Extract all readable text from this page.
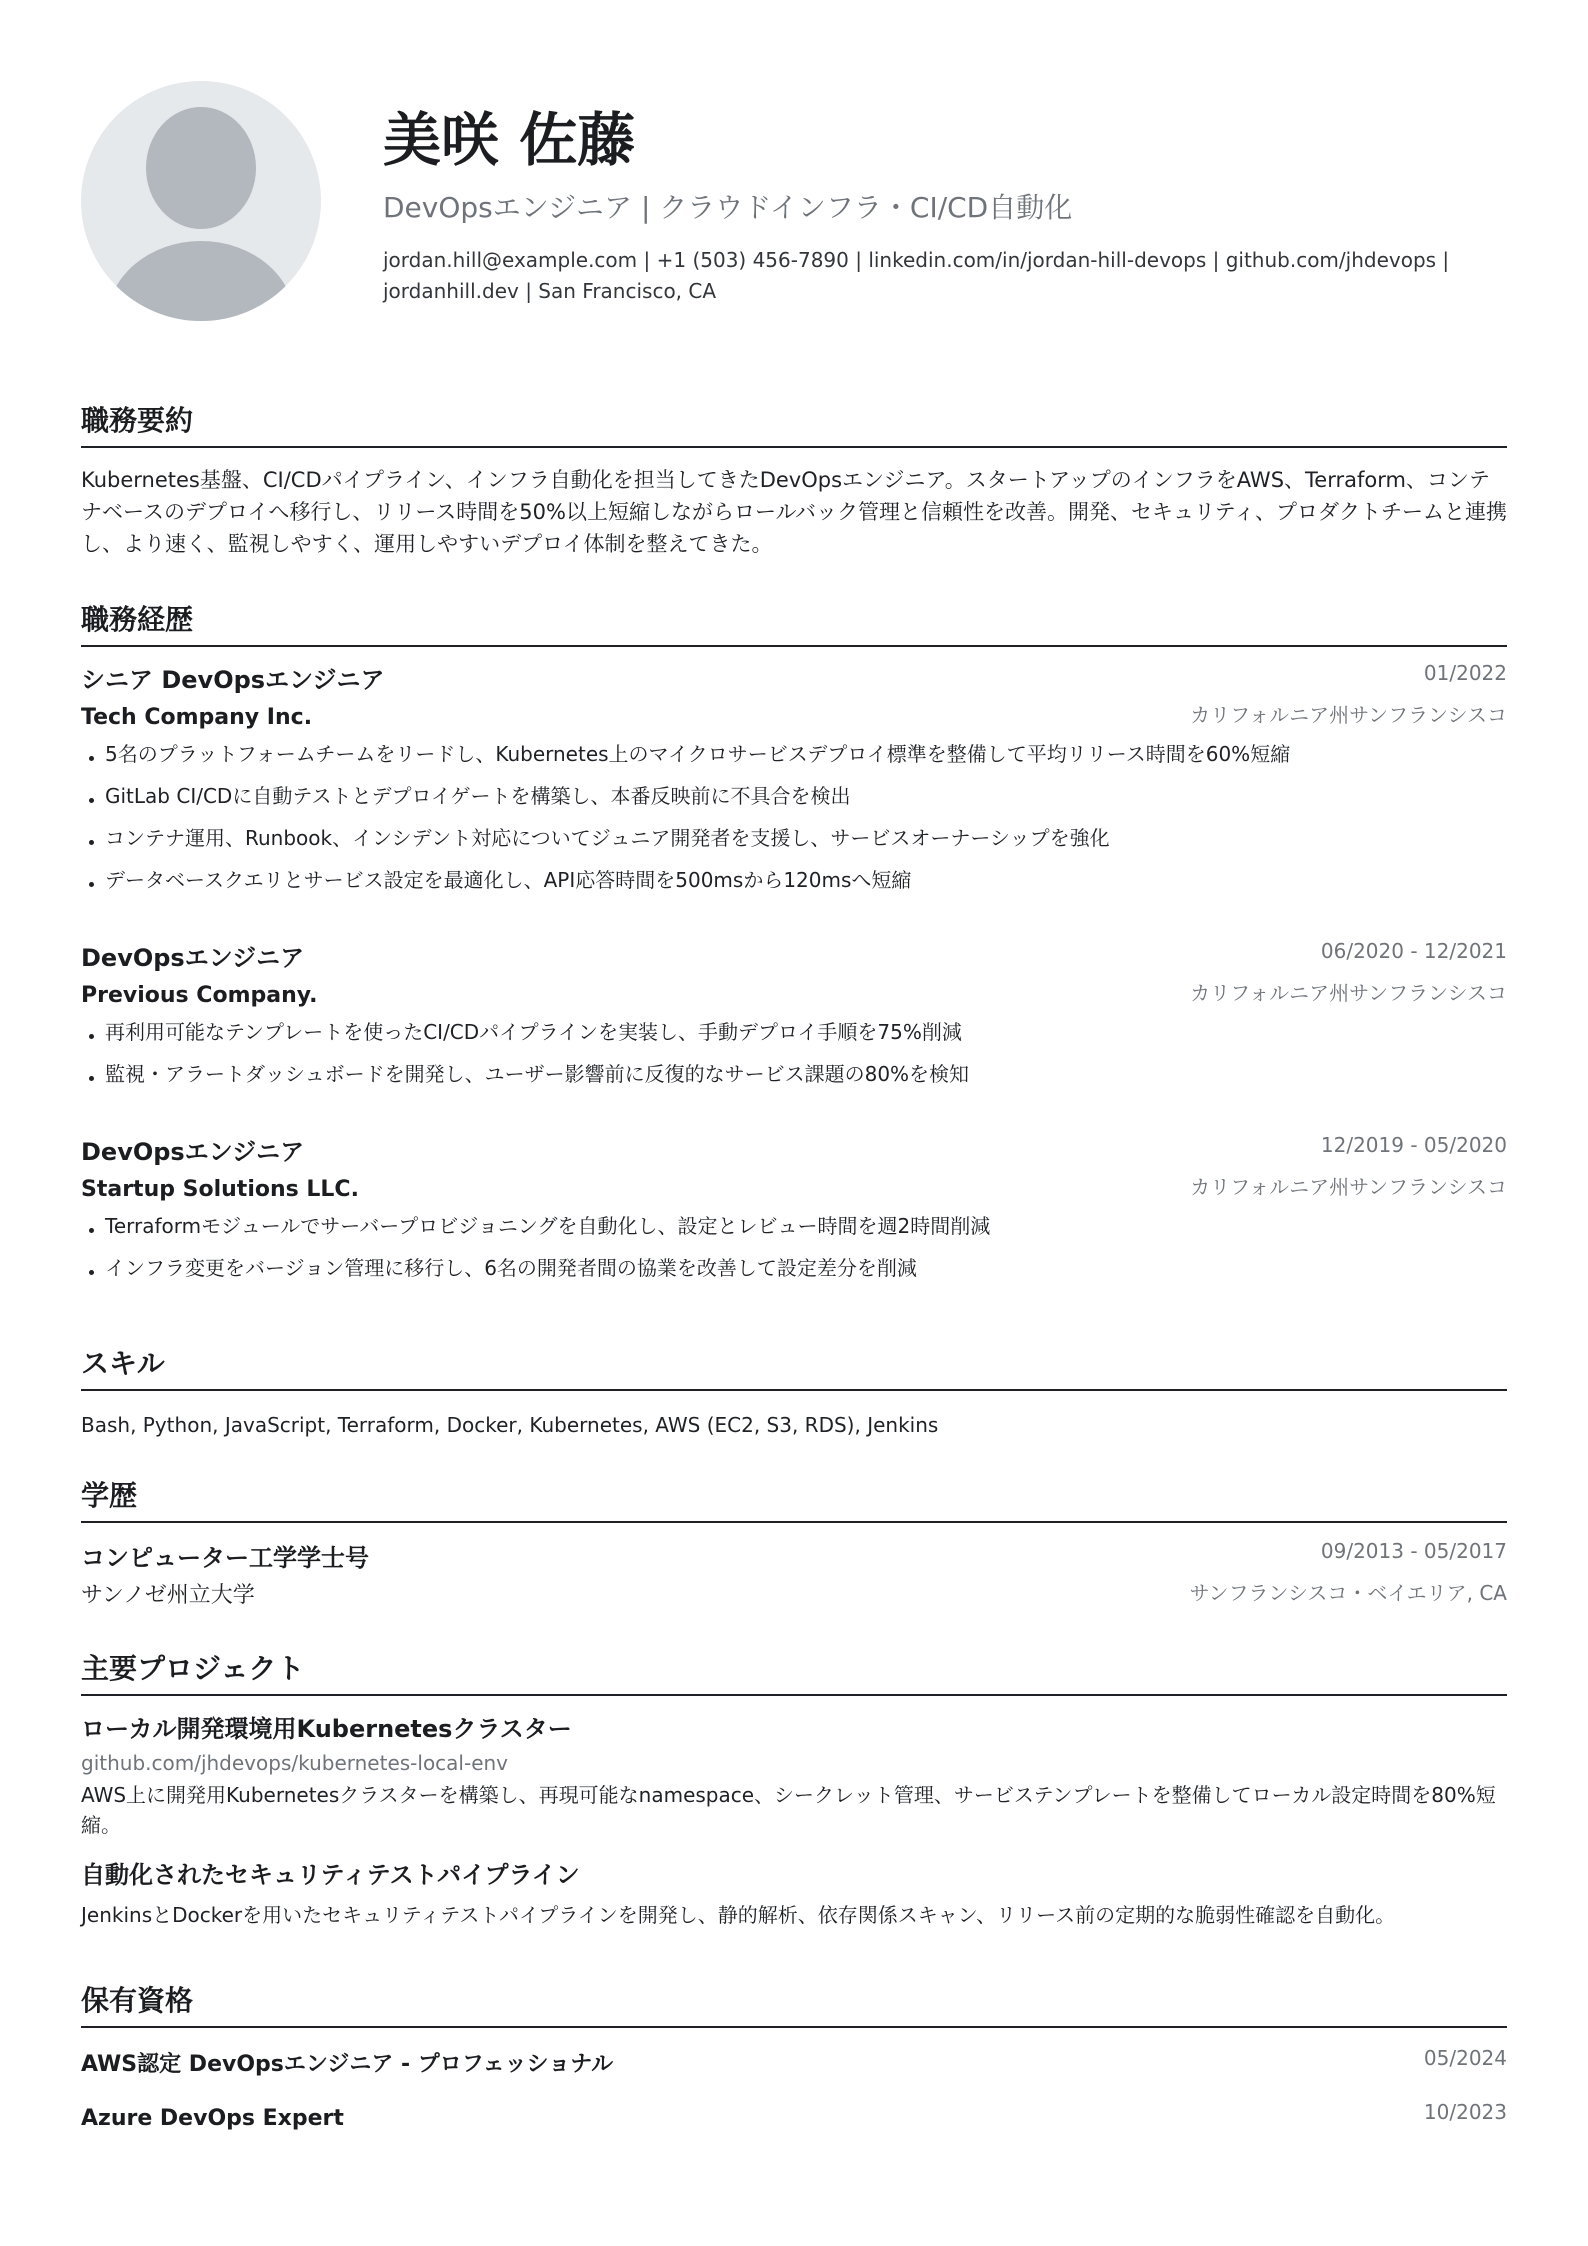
美咲 佐藤
DevOpsエンジニア | クラウドインフラ・CI/CD自動化
jordan.hill@example.com | +1 (503) 456-7890 | linkedin.com/in/jordan-hill-devops | github.com/jhdevops | jordanhill.dev | San Francisco, CA
職務要約
Kubernetes基盤、CI/CDパイプライン、インフラ自動化を担当してきたDevOpsエンジニア。スタートアップのインフラをAWS、Terraform、コンテナベースのデプロイへ移行し、リリース時間を50%以上短縮しながらロールバック管理と信頼性を改善。開発、セキュリティ、プロダクトチームと連携し、より速く、監視しやすく、運用しやすいデプロイ体制を整えてきた。
職務経歴
シニア DevOpsエンジニア	01/2022
Tech Company Inc.	カリフォルニア州サンフランシスコ
5名のプラットフォームチームをリードし、Kubernetes上のマイクロサービスデプロイ標準を整備して平均リリース時間を60%短縮
GitLab CI/CDに自動テストとデプロイゲートを構築し、本番反映前に不具合を検出
コンテナ運用、Runbook、インシデント対応についてジュニア開発者を支援し、サービスオーナーシップを強化
データベースクエリとサービス設定を最適化し、API応答時間を500msから120msへ短縮
DevOpsエンジニア	06/2020 - 12/2021
Previous Company.	カリフォルニア州サンフランシスコ
再利用可能なテンプレートを使ったCI/CDパイプラインを実装し、手動デプロイ手順を75%削減
監視・アラートダッシュボードを開発し、ユーザー影響前に反復的なサービス課題の80%を検知
DevOpsエンジニア	12/2019 - 05/2020
Startup Solutions LLC.	カリフォルニア州サンフランシスコ
Terraformモジュールでサーバープロビジョニングを自動化し、設定とレビュー時間を週2時間削減
インフラ変更をバージョン管理に移行し、6名の開発者間の協業を改善して設定差分を削減
スキル
Bash, Python, JavaScript, Terraform, Docker, Kubernetes, AWS (EC2, S3, RDS), Jenkins
学歴
コンピューター工学学士号	09/2013 - 05/2017
サンノゼ州立大学	サンフランシスコ・ベイエリア, CA
主要プロジェクト
ローカル開発環境用Kubernetesクラスター
github.com/jhdevops/kubernetes-local-env
AWS上に開発用Kubernetesクラスターを構築し、再現可能なnamespace、シークレット管理、サービステンプレートを整備してローカル設定時間を80%短縮。
自動化されたセキュリティテストパイプライン
JenkinsとDockerを用いたセキュリティテストパイプラインを開発し、静的解析、依存関係スキャン、リリース前の定期的な脆弱性確認を自動化。
保有資格
AWS認定 DevOpsエンジニア - プロフェッショナル	05/2024
Azure DevOps Expert	10/2023
